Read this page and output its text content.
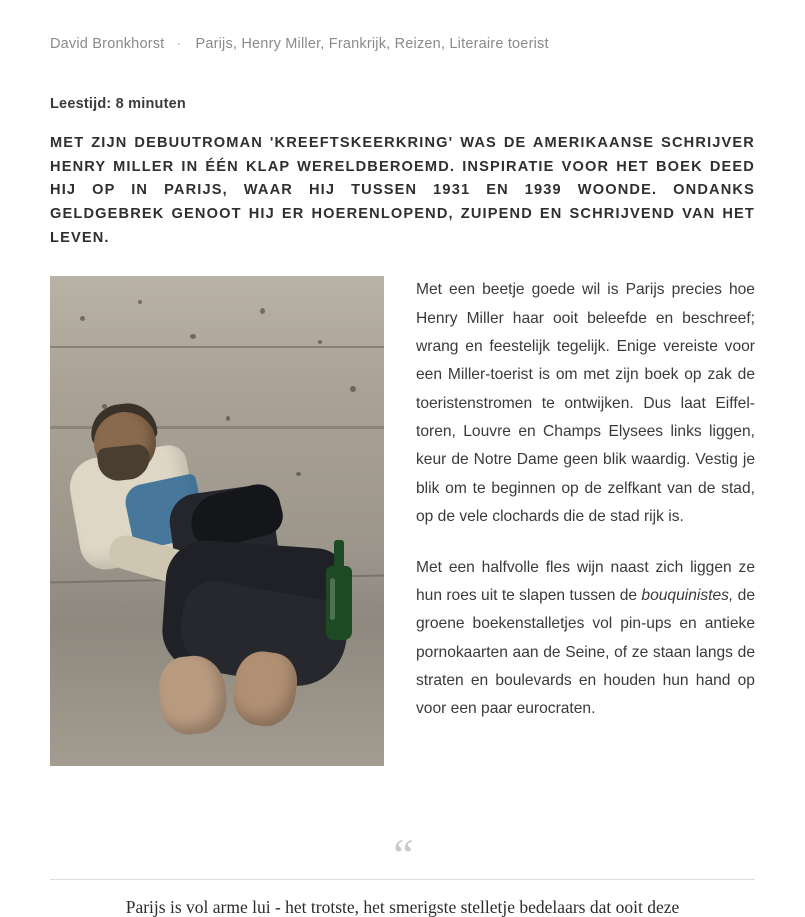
David Bronkhorst · Parijs, Henry Miller, Frankrijk, Reizen, Literaire toerist
Leestijd: 8 minuten
MET ZIJN DEBUUTROMAN 'KREEFTSKEERKRING' WAS DE AMERIKAANSE SCHRIJVER HENRY MILLER IN ÉÉN KLAP WERELDBEROEMD. INSPIRATIE VOOR HET BOEK DEED HIJ OP IN PARIJS, WAAR HIJ TUSSEN 1931 EN 1939 WOONDE. ONDANKS GELDGEBREK GENOOT HIJ ER HOERENLOPEND, ZUIPEND EN SCHRIJVEND VAN HET LEVEN.

Met een beetje goede wil is Parijs precies hoe Henry Miller haar ooit beleefde en beschreef; wrang en feestelijk tegelijk. Enige vereiste voor een Miller-toerist is om met zijn boek op zak de toeristenstromen te ontwijken. Dus laat Eiffel-toren, Louvre en Champs Elysees links liggen, keur de Notre Dame geen blik waardig. Vestig je blik om te beginnen op de zelfkant van de stad, op de vele clochards die de stad rijk is.

Met een halfvolle fles wijn naast zich liggen ze hun roes uit te slapen tussen de bouquinistes, de groene boekenstalletjes vol pin-ups en antieke pornokaarten aan de Seine, of ze staan langs de straten en boulevards en houden hun hand op voor een paar eurocraten.

“
Parijs is vol arme lui - het trotste, het smerigste stelletje bedelaars dat ooit deze
